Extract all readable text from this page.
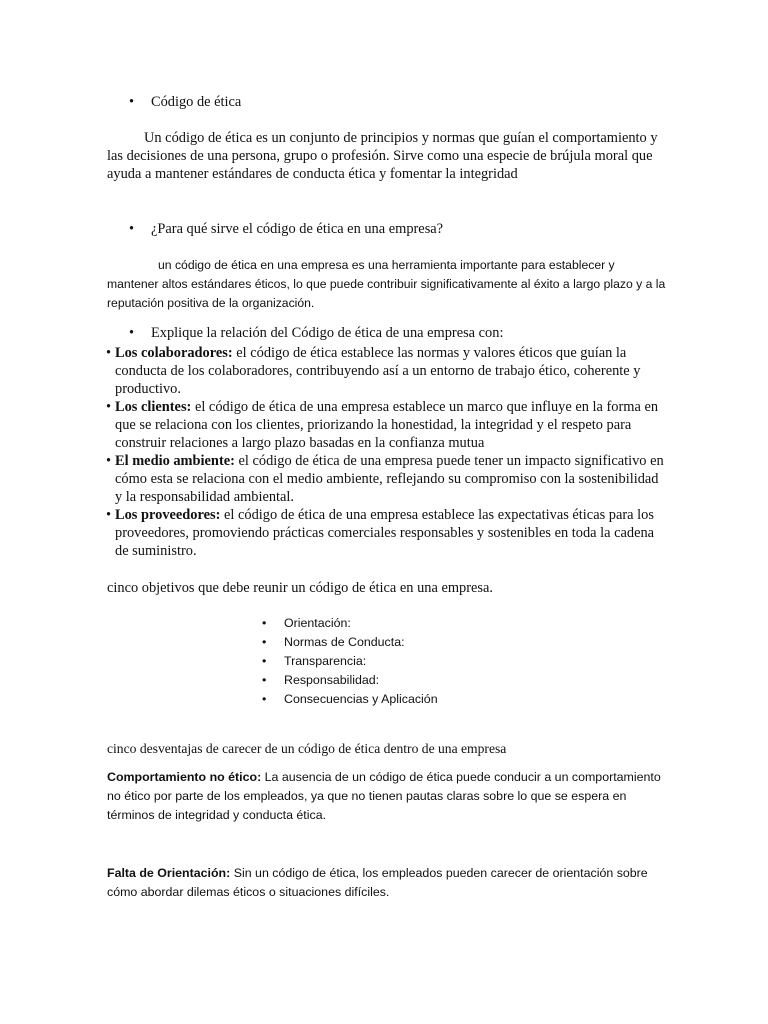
•	Código de ética

Un código de ética es un conjunto de principios y normas que guían el comportamiento y las decisiones de una persona, grupo o profesión. Sirve como una especie de brújula moral que ayuda a mantener estándares de conducta ética y fomentar la integridad

•	¿Para qué sirve el código de ética en una empresa?

un código de ética en una empresa es una herramienta importante para establecer y mantener altos estándares éticos, lo que puede contribuir significativamente al éxito a largo plazo y a la reputación positiva de la organización.

•	Explique la relación del Código de ética de una empresa con:
• Los colaboradores: el código de ética establece las normas y valores éticos que guían la conducta de los colaboradores, contribuyendo así a un entorno de trabajo ético, coherente y productivo.
• Los clientes: el código de ética de una empresa establece un marco que influye en la forma en que se relaciona con los clientes, priorizando la honestidad, la integridad y el respeto para construir relaciones a largo plazo basadas en la confianza mutua
• El medio ambiente: el código de ética de una empresa puede tener un impacto significativo en cómo esta se relaciona con el medio ambiente, reflejando su compromiso con la sostenibilidad y la responsabilidad ambiental.
• Los proveedores: el código de ética de una empresa establece las expectativas éticas para los proveedores, promoviendo prácticas comerciales responsables y sostenibles en toda la cadena de suministro.

cinco objetivos que debe reunir un código de ética en una empresa.

•	Orientación:
•	Normas de Conducta:
•	Transparencia:
•	Responsabilidad:
•	Consecuencias y Aplicación

cinco desventajas de carecer de un código de ética dentro de una empresa

Comportamiento no ético: La ausencia de un código de ética puede conducir a un comportamiento no ético por parte de los empleados, ya que no tienen pautas claras sobre lo que se espera en términos de integridad y conducta ética.

Falta de Orientación: Sin un código de ética, los empleados pueden carecer de orientación sobre cómo abordar dilemas éticos o situaciones difíciles.
